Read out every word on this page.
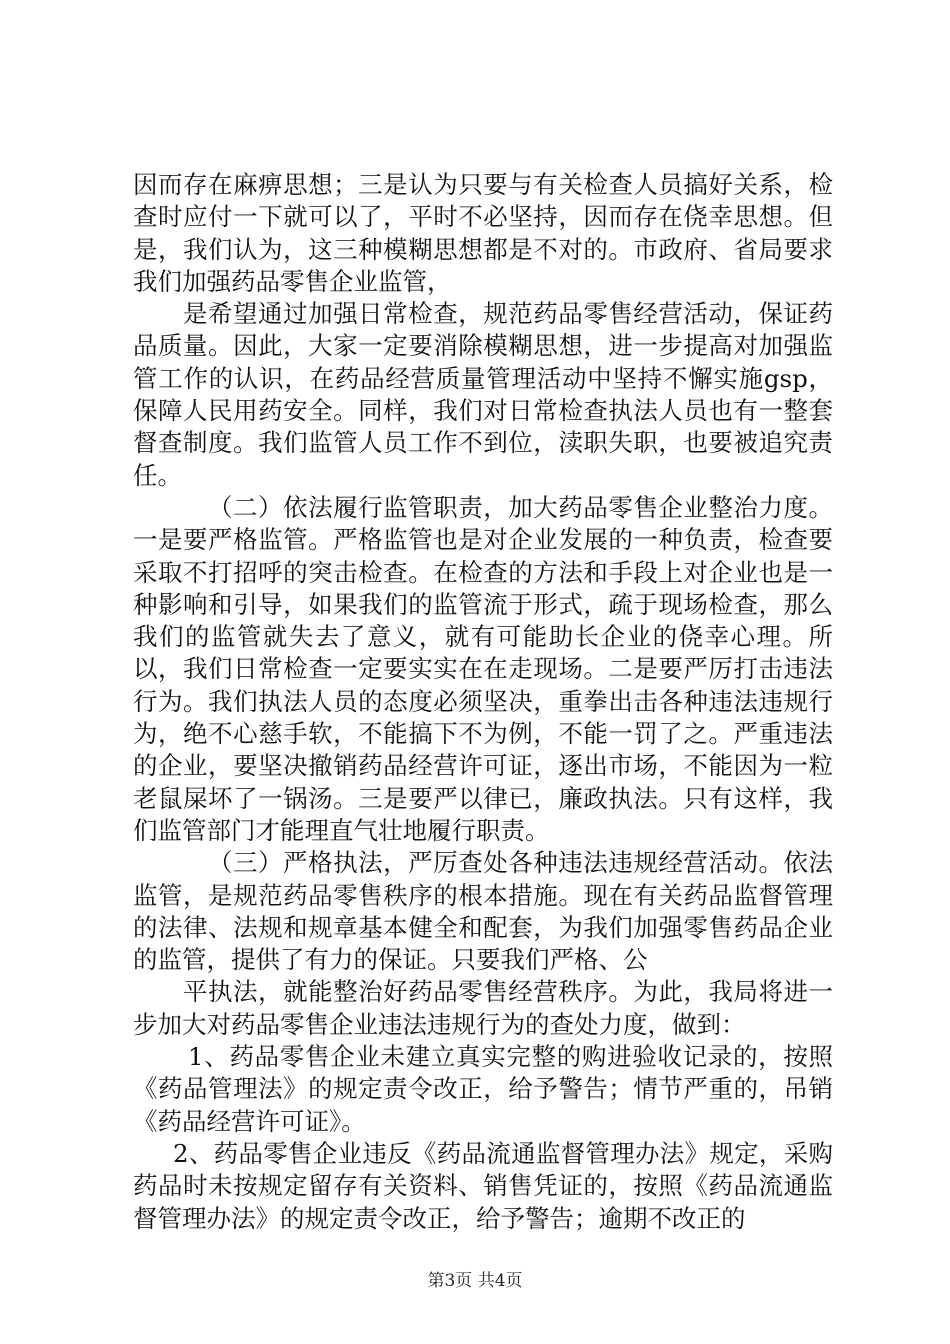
因而存在麻痹思想；三是认为只要与有关检查人员搞好关系，检查时应付一下就可以了，平时不必坚持，因而存在侥幸思想。但是，我们认为，这三种模糊思想都是不对的。市政府、省局要求我们加强药品零售企业监管，

是希望通过加强日常检查，规范药品零售经营活动，保证药品质量。因此，大家一定要消除模糊思想，进一步提高对加强监管工作的认识，在药品经营质量管理活动中坚持不懈实施gsp，保障人民用药安全。同样，我们对日常检查执法人员也有一整套督查制度。我们监管人员工作不到位，渎职失职，也要被追究责任。

（二）依法履行监管职责，加大药品零售企业整治力度。一是要严格监管。严格监管也是对企业发展的一种负责，检查要采取不打招呼的突击检查。在检查的方法和手段上对企业也是一种影响和引导，如果我们的监管流于形式，疏于现场检查，那么我们的监管就失去了意义，就有可能助长企业的侥幸心理。所以，我们日常检查一定要实实在在走现场。二是要严厉打击违法行为。我们执法人员的态度必须坚决，重拳出击各种违法违规行为，绝不心慈手软，不能搞下不为例，不能一罚了之。严重违法的企业，要坚决撤销药品经营许可证，逐出市场，不能因为一粒老鼠屎坏了一锅汤。三是要严以律已，廉政执法。只有这样，我们监管部门才能理直气壮地履行职责。

（三）严格执法，严厉查处各种违法违规经营活动。依法监管，是规范药品零售秩序的根本措施。现在有关药品监督管理的法律、法规和规章基本健全和配套，为我们加强零售药品企业的监管，提供了有力的保证。只要我们严格、公

平执法，就能整治好药品零售经营秩序。为此，我局将进一步加大对药品零售企业违法违规行为的查处力度，做到：

1、药品零售企业未建立真实完整的购进验收记录的，按照《药品管理法》的规定责令改正，给予警告；情节严重的，吊销《药品经营许可证》。

2、药品零售企业违反《药品流通监督管理办法》规定，采购药品时未按规定留存有关资料、销售凭证的，按照《药品流通监督管理办法》的规定责令改正，给予警告；逾期不改正的

第3页 共4页
